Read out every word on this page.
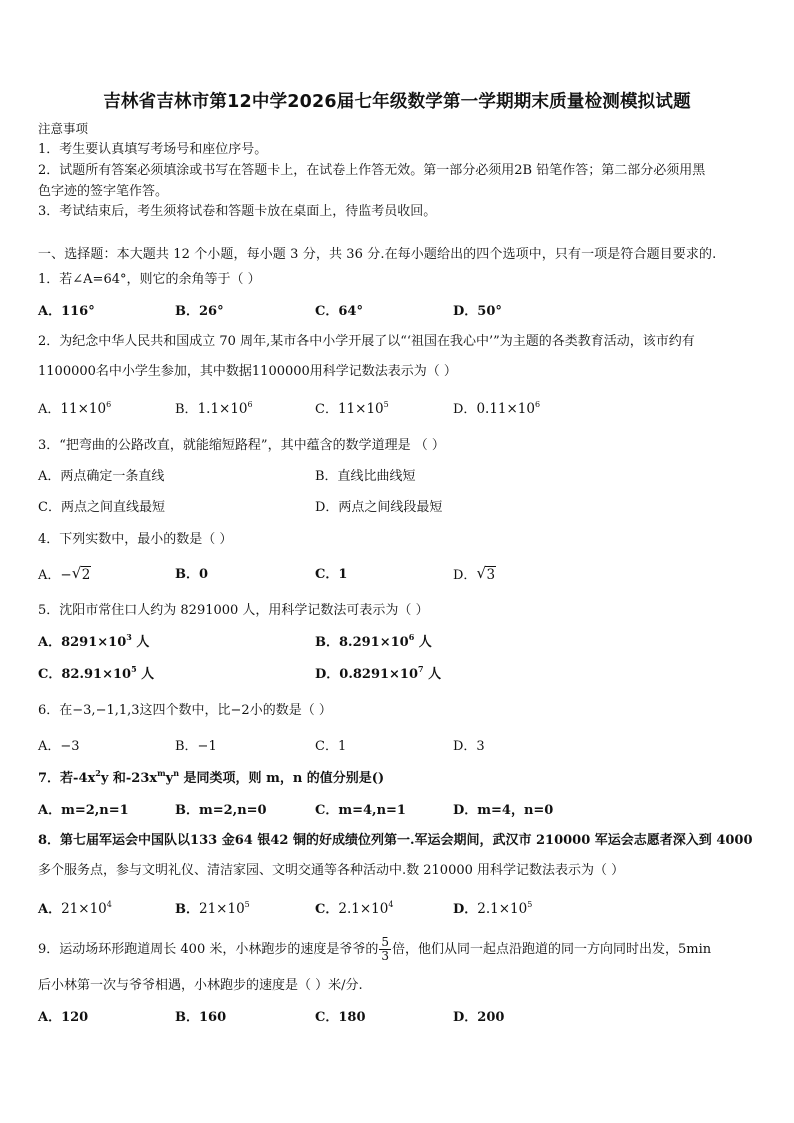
吉林省吉林市第12中学2026届七年级数学第一学期期末质量检测模拟试题
注意事项
1．考生要认真填写考场号和座位序号。
2．试题所有答案必须填涂或书写在答题卡上，在试卷上作答无效。第一部分必须用2B 铅笔作答；第二部分必须用黑
色字迹的签字笔作答。
3．考试结束后，考生须将试卷和答题卡放在桌面上，待监考员收回。
一、选择题：本大题共 12 个小题，每小题 3 分，共 36 分.在每小题给出的四个选项中，只有一项是符合题目要求的.
1．若∠A=64°，则它的余角等于（ ）
A．116°	B．26°	C．64°	D．50°
2．为纪念中华人民共和国成立 70 周年,某市各中小学开展了以“‘祖国在我心中’”为主题的各类教育活动，该市约有
1100000名中小学生参加，其中数据1100000用科学记数法表示为（ ）
A．$11\times 10^6$	B．$1.1\times 10^6$	C．$11\times 10^5$	D．$0.11\times 10^6$
3．“把弯曲的公路改直，就能缩短路程”，其中蕴含的数学道理是 （ ）
A．两点确定一条直线	B．直线比曲线短
C．两点之间直线最短	D．两点之间线段最短
4．下列实数中，最小的数是（ ）
A．− √ 2	B．0	C．1	D． √ 3
5．沈阳市常住口人约为 8291000 人，用科学记数法可表示为（ ）
A．$8291\times 10^3$ 人	B．$8.291\times 10^6$ 人
C．$82.91\times 10^5$ 人	D．$0.8291\times 10^7$ 人
6．在−3,−1,1,3这四个数中，比−2小的数是（ ）
A．−3	B．−1	C．1	D．3
7．若$-4x^2y$ 和$-23x^my^n$ 是同类项，则 m，n 的值分别是()
A．m=2,n=1	B．m=2,n=0	C．m=4,n=1	D．m=4，n=0
8．第七届军运会中国队以133 金64 银42 铜的好成绩位列第一.军运会期间，武汉市 210000 军运会志愿者深入到 4000
多个服务点，参与文明礼仪、清洁家园、文明交通等各种活动中.数 210000 用科学记数法表示为（ ）
A．$21\times 10^4$	B．$21\times 10^5$	C．$2.1\times 10^4$	D．$2.1\times 10^5$
9．运动场环形跑道周长 400 米，小林跑步的速度是爷爷的 $\frac{5}{3}$ 倍，他们从同一起点沿跑道的同一方向同时出发，5min
后小林第一次与爷爷相遇，小林跑步的速度是（ ）米/分.
A．120	B．160	C．180	D．200
